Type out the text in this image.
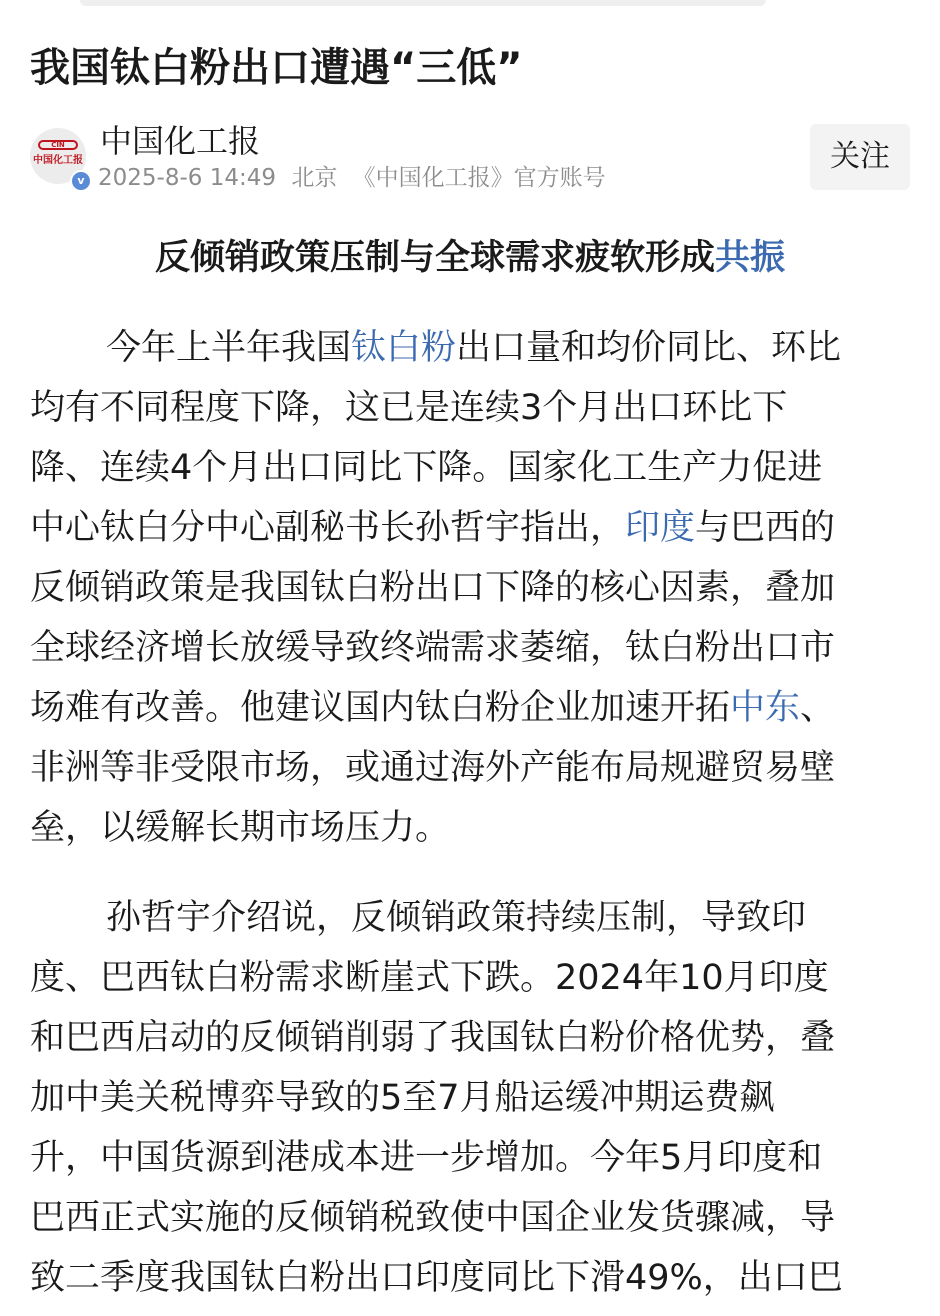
我国钛白粉出口遭遇“三低”
CIN
中国化工报
v
中国化工报
2025-8-6 14:49 北京 《中国化工报》官方账号
关注
反倾销政策压制与全球需求疲软形成共振
今年上半年我国钛白粉出口量和均价同比、环比
均有不同程度下降，这已是连续3个月出口环比下
降、连续4个月出口同比下降。国家化工生产力促进
中心钛白分中心副秘书长孙哲宇指出，印度与巴西的
反倾销政策是我国钛白粉出口下降的核心因素，叠加
全球经济增长放缓导致终端需求萎缩，钛白粉出口市
场难有改善。他建议国内钛白粉企业加速开拓中东、
非洲等非受限市场，或通过海外产能布局规避贸易壁
垒，以缓解长期市场压力。
孙哲宇介绍说，反倾销政策持续压制，导致印
度、巴西钛白粉需求断崖式下跌。2024年10月印度
和巴西启动的反倾销削弱了我国钛白粉价格优势，叠
加中美关税博弈导致的5至7月船运缓冲期运费飙
升，中国货源到港成本进一步增加。今年5月印度和
巴西正式实施的反倾销税致使中国企业发货骤减，导
致二季度我国钛白粉出口印度同比下滑49%，出口巴
